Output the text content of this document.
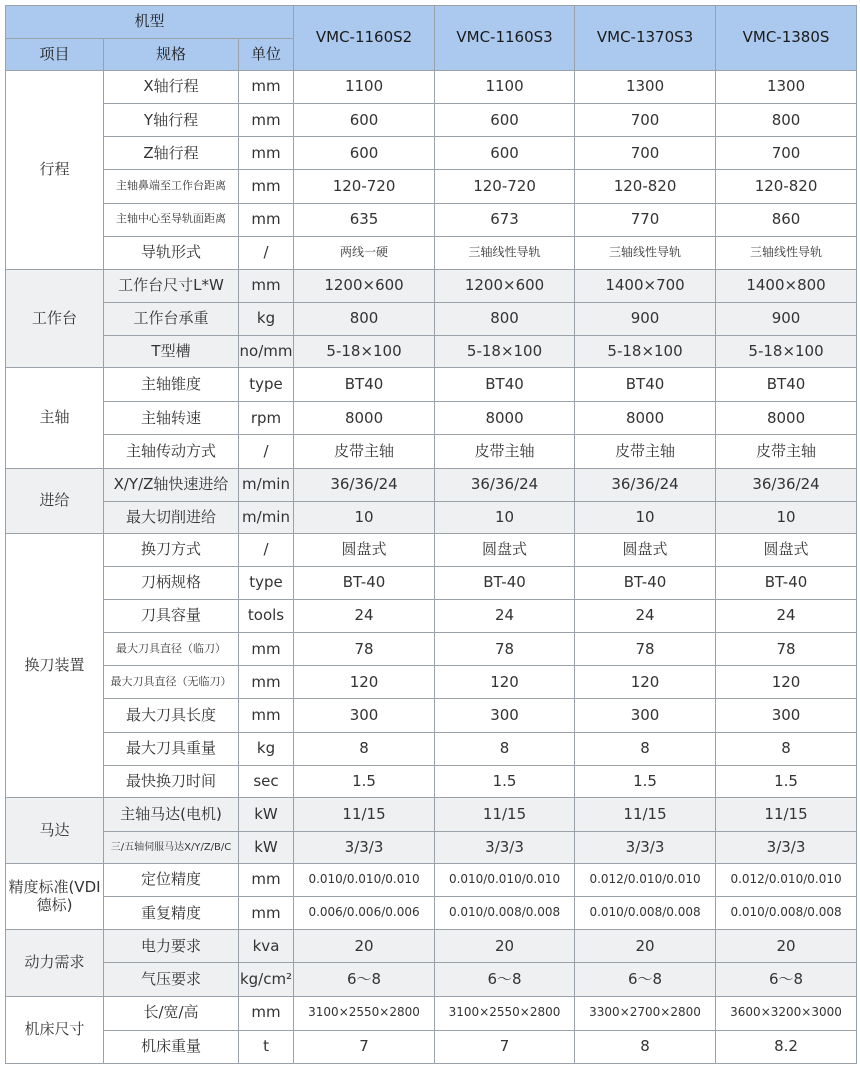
机型			VMC-1160S2	VMC-1160S3	VMC-1370S3	VMC-1380S
项目	规格	单位				
行程	X轴行程	mm	1100	1100	1300	1300
	Y轴行程	mm	600	600	700	800
	Z轴行程	mm	600	600	700	700
	主轴鼻端至工作台距离	mm	120-720	120-720	120-820	120-820
	主轴中心至导轨面距离	mm	635	673	770	860
	导轨形式	/	两线一硬	三轴线性导轨	三轴线性导轨	三轴线性导轨
工作台	工作台尺寸L*W	mm	1200×600	1200×600	1400×700	1400×800
	工作台承重	kg	800	800	900	900
	T型槽	no/mm	5-18×100	5-18×100	5-18×100	5-18×100
主轴	主轴锥度	type	BT40	BT40	BT40	BT40
	主轴转速	rpm	8000	8000	8000	8000
	主轴传动方式	/	皮带主轴	皮带主轴	皮带主轴	皮带主轴
进给	X/Y/Z轴快速进给	m/min	36/36/24	36/36/24	36/36/24	36/36/24
	最大切削进给	m/min	10	10	10	10
换刀装置	换刀方式	/	圆盘式	圆盘式	圆盘式	圆盘式
	刀柄规格	type	BT-40	BT-40	BT-40	BT-40
	刀具容量	tools	24	24	24	24
	最大刀具直径（临刀）	mm	78	78	78	78
	最大刀具直径（无临刀）	mm	120	120	120	120
	最大刀具长度	mm	300	300	300	300
	最大刀具重量	kg	8	8	8	8
	最快换刀时间	sec	1.5	1.5	1.5	1.5
马达	主轴马达(电机)	kW	11/15	11/15	11/15	11/15
	三/五轴伺服马达X/Y/Z/B/C	kW	3/3/3	3/3/3	3/3/3	3/3/3
精度标准(VDI德标)	定位精度	mm	0.010/0.010/0.010	0.010/0.010/0.010	0.012/0.010/0.010	0.012/0.010/0.010
	重复精度	mm	0.006/0.006/0.006	0.010/0.008/0.008	0.010/0.008/0.008	0.010/0.008/0.008
动力需求	电力要求	kva	20	20	20	20
	气压要求	kg/cm²	6～8	6～8	6～8	6～8
机床尺寸	长/宽/高	mm	3100×2550×2800	3100×2550×2800	3300×2700×2800	3600×3200×3000
	机床重量	t	7	7	8	8.2
